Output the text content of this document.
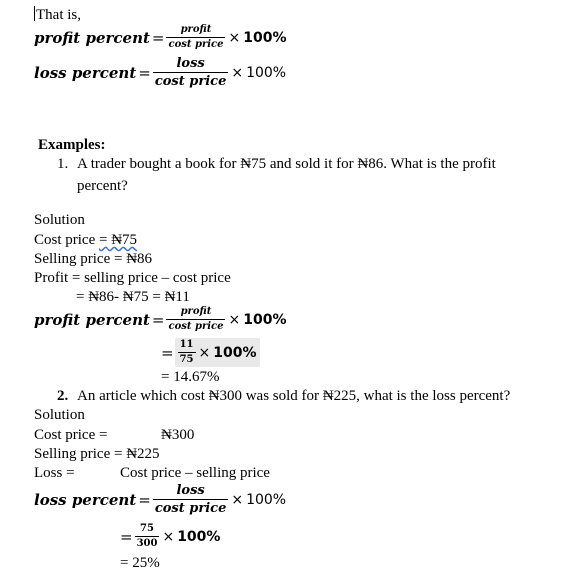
That is,
profit percent = $\frac{\text{profit}}{\text{cost price}} \times 100\%$
loss percent = $\frac{\text{loss}}{\text{cost price}} \times 100\%$
Examples:
1. A trader bought a book for ₦75 and sold it for ₦86. What is the profit
percent?
Solution
Cost price = ₦75
Selling price = ₦86
Profit = selling price – cost price
= ₦86- ₦75 = ₦11
profit percent = $\frac{\text{profit}}{\text{cost price}} \times 100\%$
= $\frac{11}{75} \times 100\%$
= 14.67%
2. An article which cost ₦300 was sold for ₦225, what is the loss percent?
Solution
Cost price =	₦300
Selling price = ₦225
Loss =	Cost price – selling price
loss percent = $\frac{\text{loss}}{\text{cost price}} \times 100\%$
= $\frac{75}{300} \times 100\%$
= 25%
